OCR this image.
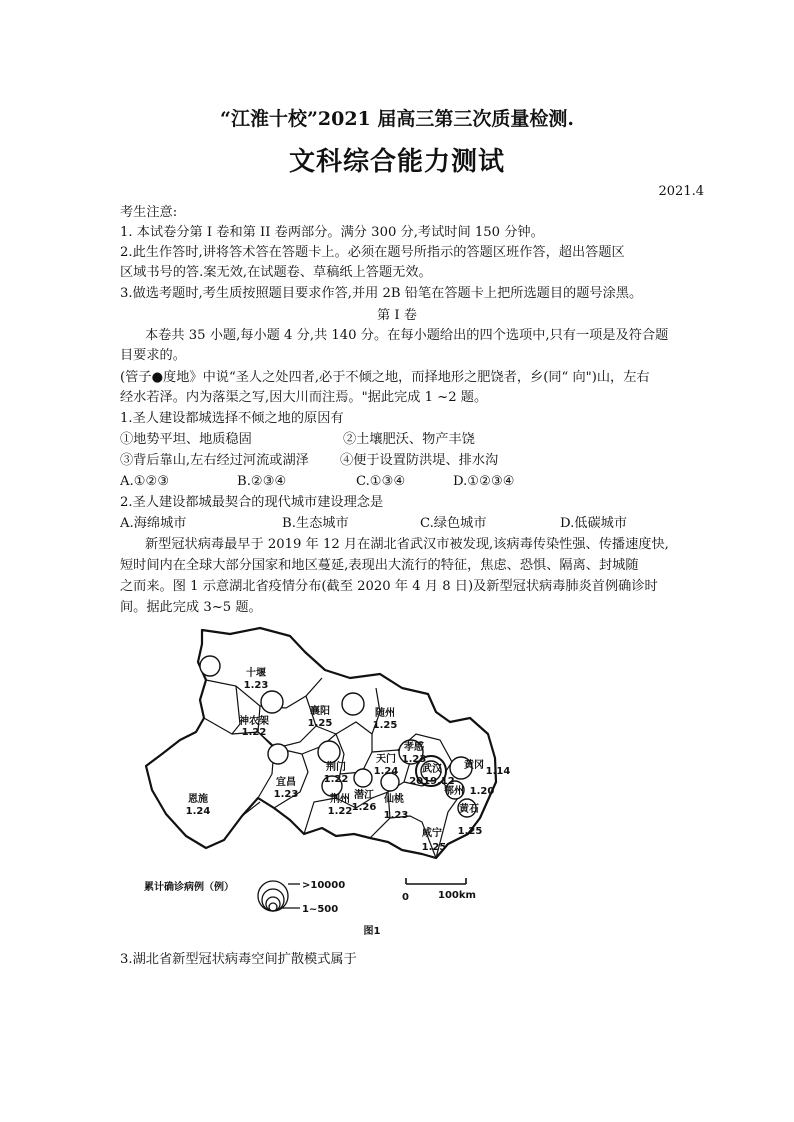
“江淮十校”2021 届高三第三次质量检测.
文科综合能力测试
2021.4
考生注意:
1. 本试卷分第 I 卷和第 II 卷两部分。满分 300 分,考试时间 150 分钟。
2.此生作答时,讲将答术答在答题卡上。必须在题号所指示的答题区班作答，超出答题区
区域书号的答.案无效,在试题卷、草稿纸上答题无效。
3.做选考题时,考生质按照题目要求作答,并用 2B 铅笔在答题卡上把所选题目的题号涂黑。
第 I 卷
本卷共 35 小题,每小题 4 分,共 140 分。在每小题给出的四个选项中,只有一项是及符合题
目要求的。
(管子●度地》中说“圣人之处四者,必于不倾之地，而择地形之肥饶者，乡(同“ 向")山，左右
经水若泽。内为落渠之写,因大川而注焉。"据此完成 1 ~2 题。
1.圣人建设都城选择不倾之地的原因有
①地势平坦、地质稳固	②土壤肥沃、物产丰饶
③背后靠山,左右经过河流或湖泽 ④便于设置防洪堤、排水沟
A.①②③	B.②③④	C.①③④	D.①②③④
2.圣人建设都城最契合的现代城市建设理念是
A.海绵城市	B.生态城市	C.绿色城市	D.低碳城市
新型冠状病毒最早于 2019 年 12 月在湖北省武汉市被发现,该病毒传染性强、传播速度快,
短时间内在全球大部分国家和地区蔓延,表现出大流行的特征，焦虑、恐惧、隔离、封城随
之而来。图 1 示意湖北省疫情分布(截至 2020 年 4 月 8 日)及新型冠状病毒肺炎首例确诊时
间。据此完成 3~5 题。
十堰
1.23
襄阳
1.25
随州
1.25
神农架
1.22
宜昌
1.23
恩施
1.24
荆门
1.22
天门
1.24
孝感
1.23
武汉
2019.12
黄冈
1.14
荆州
1.22
潜江
1.26
仙桃
1.23
鄂州 1.20
黄石
1.25
咸宁
1.25
累计确诊病例（例）	>10000
1~500
0	100km
图1
3.湖北省新型冠状病毒空间扩散模式属于
